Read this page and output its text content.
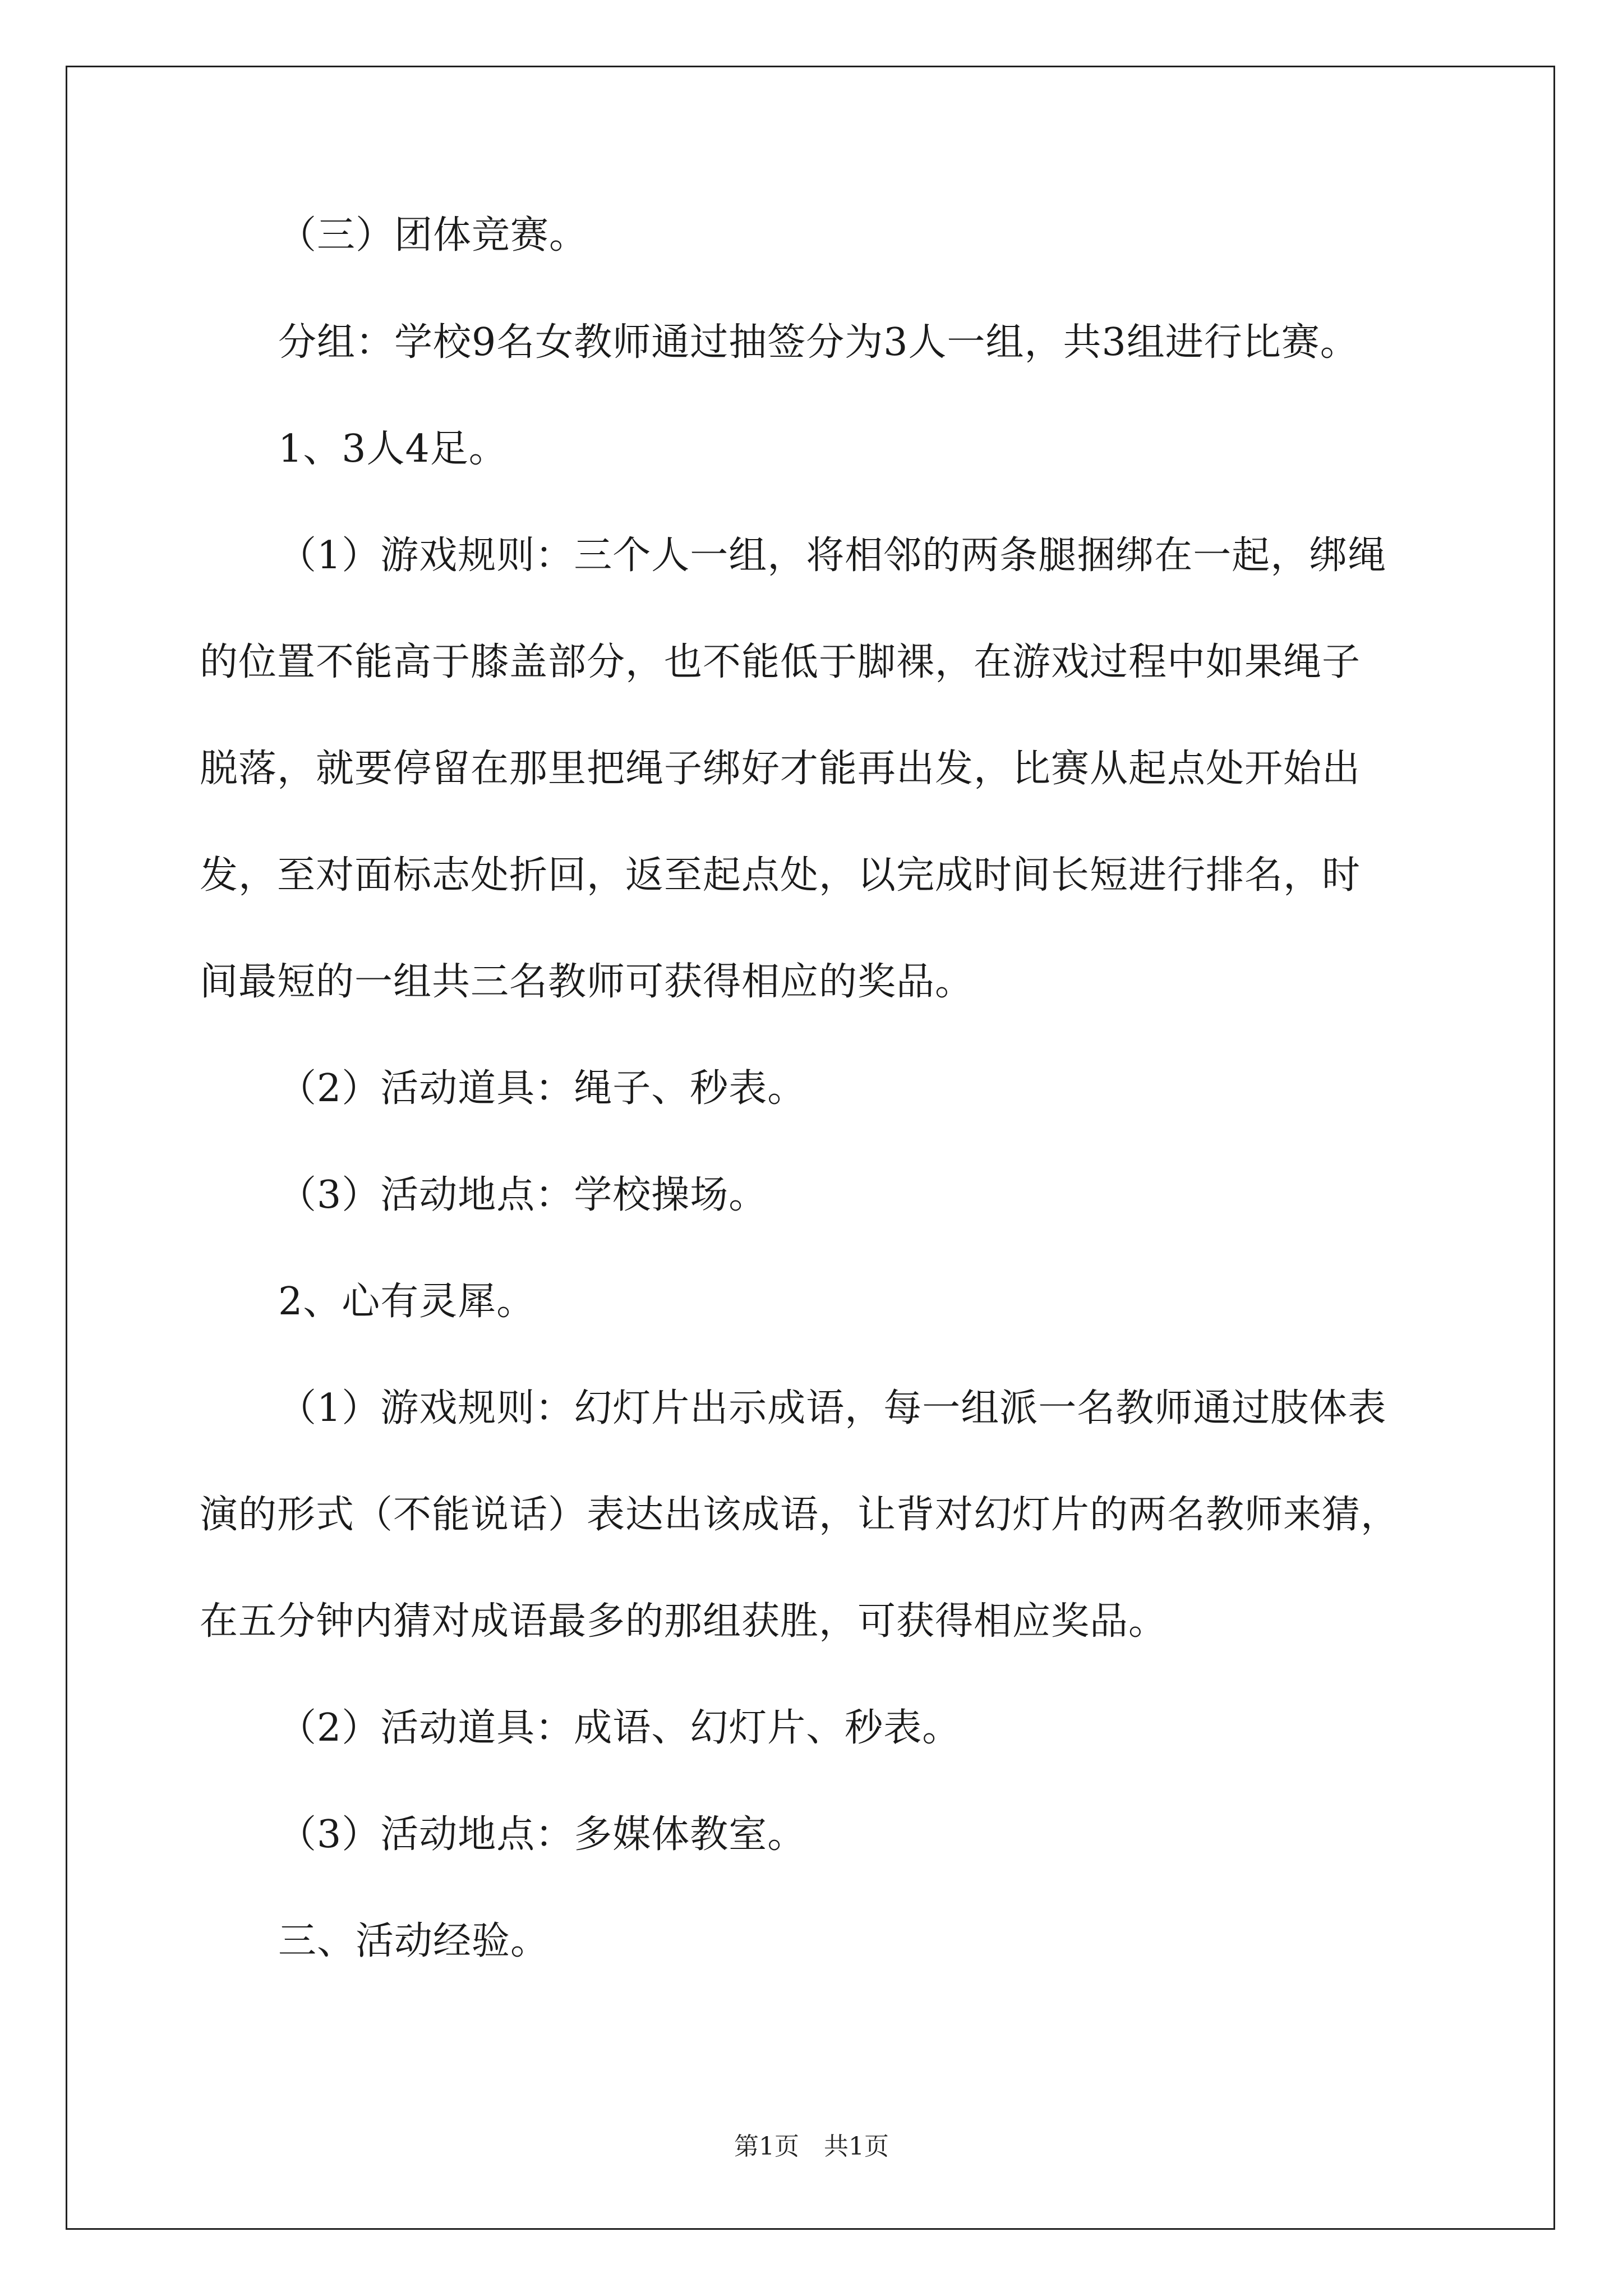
（三）团体竞赛。
分组：学校9名女教师通过抽签分为3人一组，共3组进行比赛。
1、3人4足。
（1）游戏规则：三个人一组，将相邻的两条腿捆绑在一起，绑绳
的位置不能高于膝盖部分，也不能低于脚裸，在游戏过程中如果绳子
脱落，就要停留在那里把绳子绑好才能再出发，比赛从起点处开始出
发，至对面标志处折回，返至起点处，以完成时间长短进行排名，时
间最短的一组共三名教师可获得相应的奖品。
（2）活动道具：绳子、秒表。
（3）活动地点：学校操场。
2、心有灵犀。
（1）游戏规则：幻灯片出示成语，每一组派一名教师通过肢体表
演的形式（不能说话）表达出该成语，让背对幻灯片的两名教师来猜，
在五分钟内猜对成语最多的那组获胜，可获得相应奖品。
（2）活动道具：成语、幻灯片、秒表。
（3）活动地点：多媒体教室。
三、活动经验。
第1页　共1页
